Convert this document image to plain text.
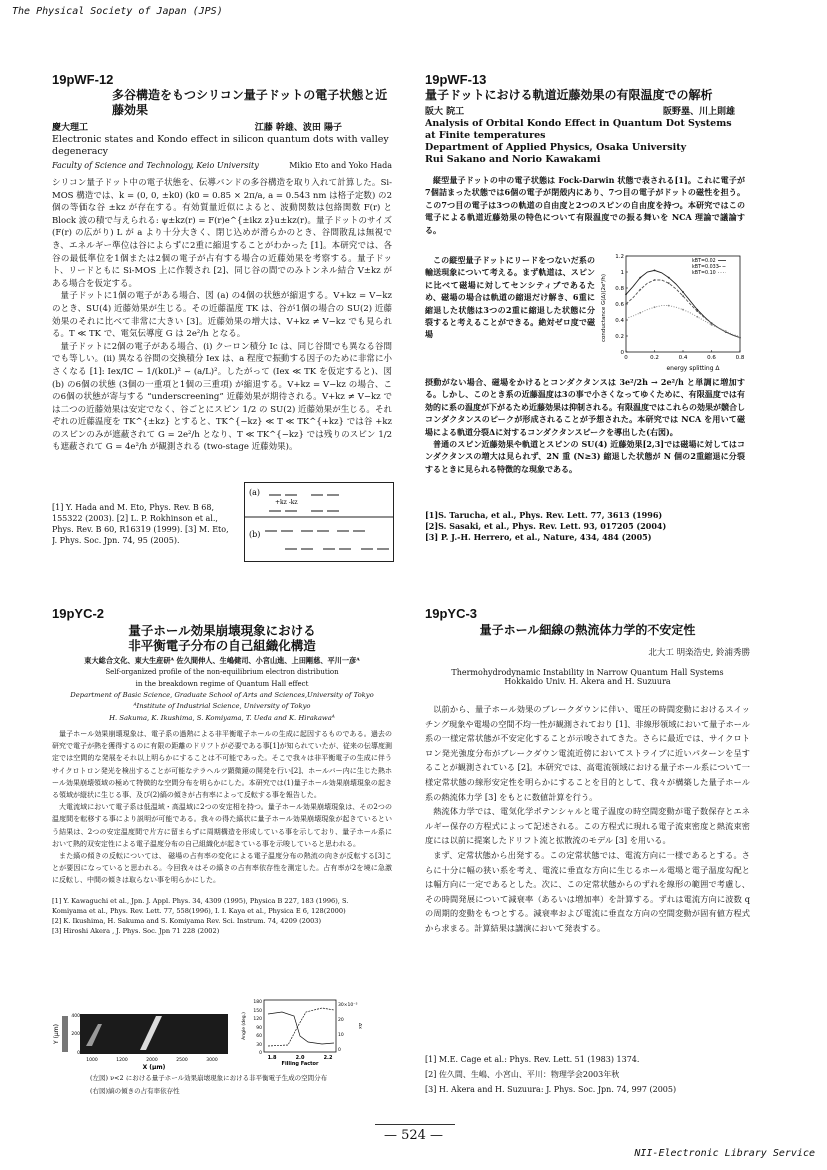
The Physical Society of Japan (JPS)
NII-Electronic Library Service
— 524 —

19pWF-12

多谷構造をもつシリコン量子ドットの電子状態と近藤効果

慶大理工	江藤 幹雄、波田 陽子
Electronic states and Kondo effect in silicon quantum dots with valley degeneracy
Faculty of Science and Technology, Keio University	Mikio Eto and Yoko Hada

シリコン量子ドット中の電子状態を、伝導バンドの多谷構造を取り入れて計算した。Si-MOS 構造では、k = (0, 0, ±k0) (k0 = 0.85 × 2π/a, a = 0.543 nm は格子定数) の2個の等価な谷 ±kz が存在する。有効質量近似によると、波動関数は包絡関数 F(r) と Block 波の積で与えられる: ψ±kz(r) = F(r)e^{±ikz z}u±kz(r)。量子ドットのサイズ (F(r) の広がり) L が a より十分大きく、閉じ込めが滑らかのとき、谷間散乱は無視でき、エネルギー準位は谷によらずに2重に縮退することがわかった [1]。本研究では、各谷の最低準位を1個または2個の電子が占有する場合の近藤効果を考察する。量子ドット、リードともに Si-MOS 上に作製され [2]、同じ谷の間でのみトンネル結合 V±kz がある場合を仮定する。

量子ドットに1個の電子がある場合、図 (a) の4個の状態が縮退する。V+kz = V−kz のとき、SU(4) 近藤効果が生じる。その近藤温度 TK は、谷が1個の場合の SU(2) 近藤効果のそれに比べて非常に大きい [3]。近藤効果の増大は、V+kz ≠ V−kz でも見られる。T ≪ TK で、電気伝導度 G は 2e²/h となる。

量子ドットに2個の電子がある場合、(i) クーロン積分 Ic は、同じ谷間でも異なる谷間でも等しい。(ii) 異なる谷間の交換積分 Iex は、a 程度で振動する因子のために非常に小さくなる [1]: Iex/IC ~ 1/(k0L)² ~ (a/L)²。したがって (Iex ≪ TK を仮定すると)、図 (b) の6個の状態 (3個の一重項と1個の三重項) が縮退する。V+kz = V−kz の場合、この6個の状態が寄与する “underscreening” 近藤効果が期待される。V+kz ≠ V−kz では二つの近藤効果は安定でなく、谷ごとにスピン 1/2 の SU(2) 近藤効果が生じる。それぞれの近藤温度を TK^{±kz} とすると、TK^{−kz} ≪ T ≪ TK^{+kz} では谷 +kz のスピンのみが遮蔽されて G = 2e²/h となり、T ≪ TK^{−kz} では残りのスピン 1/2 も遮蔽されて G = 4e²/h が観測される (two-stage 近藤効果)。

[1] Y. Hada and M. Eto, Phys. Rev. B 68,
155322 (2003). [2] L. P. Rokhinson et al.,
Phys. Rev. B 60, R16319 (1999). [3] M. Eto,
J. Phys. Soc. Jpn. 74, 95 (2005).
(a)
(b)
+kz -kz

19pWF-13

量子ドットにおける軌道近藤効果の有限温度での解析

阪大 院工	阪野塁、川上則雄
Analysis of Orbital Kondo Effect in Quantum Dot Systems at Finite temperatures
Department of Applied Physics, Osaka University
Rui Sakano and Norio Kawakami

縦型量子ドットの中の電子状態は Fock-Darwin 状態で表される[1]。これに電子が7個詰まった状態では6個の電子が閉殻内にあり、7つ目の電子がドットの磁性を担う。この7つ目の電子は3つの軌道の自由度と2つのスピンの自由度を持つ。本研究ではこの電子による軌道近藤効果の特色について有限温度での振る舞いを NCA 理論で議論する。

この縦型量子ドットにリードをつないだ系の輸送現象について考える。まず軌道は、スピンに比べて磁場に対してセンシティブであるため、磁場の場合は軌道の縮退だけ解き、6重に縮退した状態は3つの2重に縮退した状態に分裂すると考えることができる。絶対ゼロ度で磁場

摂動がない場合、磁場をかけるとコンダクタンスは 3e²/2h → 2e²/h と単調に増加する。しかし、このとき系の近藤温度は3の事で小さくなってゆくために、有限温度では有効的に系の温度が下がるため近藤効果は抑制される。有限温度ではこれらの効果が競合しコンダクタンスのピークが形成されることが予想された。本研究では NCA を用いて磁場による軌道分裂Δに対するコンダクタンスピークを導出した(右図)。

普通のスピン近藤効果や軌道とスピンの SU(4) 近藤効果[2,3]では磁場に対してはコンダクタンスの増大は見られず、2N 重 (N≥3) 縮退した状態が N 個の2重縮退に分裂するときに見られる特徴的な現象である。

[1]S. Tarucha, et al., Phys. Rev. Lett. 77, 3613 (1996)
[2]S. Sasaki, et al., Phys. Rev. Lett. 93, 017205 (2004)
[3] P. J.-H. Herrero, et al., Nature, 434, 484 (2005)
0	0.2	0.4	0.6	0.8
0
0.2
0.4
0.6
0.8
1
1.2
kBT=0.02
kBT=0.033
kBT=0.10
energy splitting Δ
conductance G(Δ)(2e²/h)

19pYC-2

量子ホール効果崩壊現象における

非平衡電子分布の自己組織化構造

東大総合文化、東大生産研ᴬ 佐久間伸人、生嶋健司、小宮山進、上田剛慈、平川一彦ᴬ
Self-organized profile of the non-equilibrium electron distribution
in the breakdown regime of Quantum Hall effect
Department of Basic Science, Graduate School of Arts and Sciences,University of Tokyo
ᴬInstitute of Industrial Science, University of Tokyo
H. Sakuma, K. Ikushima, S. Komiyama, T. Ueda and K. Hirakawaᴬ

量子ホール効果崩壊現象は、電子系の過熱による非平衡電子ホールの生成に起因するものである。過去の研究で電子が熱を獲得するのに有限の距離のドリフトが必要である事[1]が知られていたが、従来の伝導度測定では空間的な発展をそれ以上明らかにすることは不可能であった。そこで我々は非平衡電子の生成に伴うサイクロトロン発光を検出することが可能なテラヘルツ顕微鏡の開発を行い[2]、ホールバー内に生じた熱ホール効果崩壊領域の極めて特徴的な空間分布を明らかにした。本研究では(1)量子ホール効果崩壊現象の起きる領域が縦状に生じる事、及び(2)縞の傾きが占有率によって反転する事を報告した。

大電流域において電子系は低温域・高温域に2つの安定相を持つ。量子ホール効果崩壊現象は、その2つの温度間を転移する事により説明が可能である。我々の得た縞状に量子ホール効果崩壊現象が起きているという結果は、2つの安定温度間で片方に留まらずに周期構造を形成している事を示しており、量子ホール系において熱的双安定性による電子温度分布の自己組織化が起きている事を示唆していると思われる。

また縞の傾きの反転については、 磁場の占有率の変化による電子温度分布の熱流の向きが反転する[3]ことが要因になっていると思われる。今回我々はその縞きの占有率依存性を測定した。占有率が2を境に急激に反転し、中間の傾きは取らない事を明らかにした。

[1] Y. Kawaguchi et al., Jpn. J. Appl. Phys. 34, 4309 (1995), Physica B 227, 183 (1996), S.
Komiyama et al., Phys. Rev. Lett. 77, 558(1996), I. I. Kaya et al., Physica E 6, 128(2000)
[2] K. Ikushima, H. Sakuma and S. Komiyama Rev. Sci. Instrum. 74, 4209 (2003)
[3] Hiroshi Akera , J. Phys. Soc. Jpn 71 228 (2002)
Y (μm)
400
200
0
1000	1200	2000	2500	3000
X (μm)
180
150
120
90
60
30
0
30×10⁻³
20
10
0
Angle (deg.)	Δx
1.8	2.0	2.2
Filling Factor
(左図) ν<2 における量子ホール効果崩壊現象における非平衡電子生成の空間分布
(右図)縞の傾きの占有率依存性

19pYC-3

量子ホール細線の熱流体力学的不安定性

北大工 明楽浩史, 鈴浦秀勝
Thermohydrodynamic Instability in Narrow Quantum Hall Systems
Hokkaido Univ. H. Akera and H. Suzuura

以前から、量子ホール効果のブレークダウンに伴い、電圧の時間変動におけるスイッチング現象や電場の空間不均一性が観測されており [1]、非線形領域において量子ホール系の一様定常状態が不安定化することが示唆されてきた。さらに最近では、サイクロトロン発光強度分布がブレークダウン電流近傍においてストライプに近いパターンを呈することが観測されている [2]。本研究では、高電流領域における量子ホール系について一様定常状態の線形安定性を明らかにすることを目的として、我々が構築した量子ホール系の熱流体力学 [3] をもとに数値計算を行う。

熱流体力学では、電気化学ポテンシャルと電子温度の時空間変動が電子数保存とエネルギー保存の方程式によって記述される。この方程式に現れる電子流束密度と熱流束密度には以前に提案したドリフト流と拡散流のモデル [3] を用いる。

まず、定常状態から出発する。この定常状態では、電流方向に一様であるとする。さらに十分に幅の狭い系を考え、電流に垂直な方向に生じるホール電場と電子温度勾配とは幅方向に一定であるとした。次に、この定常状態からのずれを線形の範囲で考慮し、その時間発展について減衰率（あるいは増加率）を計算する。ずれは電流方向に波数 q の周期的変動をもつとする。減衰率および電流に垂直な方向の空間変動が固有値方程式から求まる。計算結果は講演において発表する。

[1] M.E. Cage et al.: Phys. Rev. Lett. 51 (1983) 1374.
[2] 佐久間、生嶋、小宮山、平川：物理学会2003年秋
[3] H. Akera and H. Suzuura: J. Phys. Soc. Jpn. 74, 997 (2005)
